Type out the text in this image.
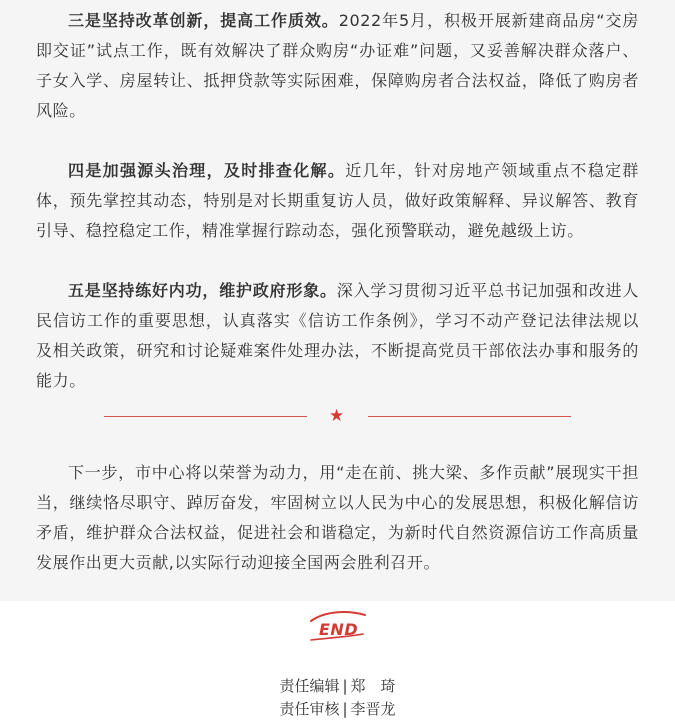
三是坚持改革创新，提高工作质效。2022年5月，积极开展新建商品房“交房即交证”试点工作，既有效解决了群众购房“办证难”问题，又妥善解决群众落户、子女入学、房屋转让、抵押贷款等实际困难，保障购房者合法权益，降低了购房者风险。

四是加强源头治理，及时排查化解。近几年，针对房地产领域重点不稳定群体，预先掌控其动态，特别是对长期重复访人员，做好政策解释、异议解答、教育引导、稳控稳定工作，精准掌握行踪动态，强化预警联动，避免越级上访。

五是坚持练好内功，维护政府形象。深入学习贯彻习近平总书记加强和改进人民信访工作的重要思想，认真落实《信访工作条例》，学习不动产登记法律法规以及相关政策，研究和讨论疑难案件处理办法，不断提高党员干部依法办事和服务的能力。

★

下一步，市中心将以荣誉为动力，用“走在前、挑大梁、多作贡献”展现实干担当，继续恪尽职守、踔厉奋发，牢固树立以人民为中心的发展思想，积极化解信访矛盾，维护群众合法权益，促进社会和谐稳定，为新时代自然资源信访工作高质量发展作出更大贡献,以实际行动迎接全国两会胜利召开。

END
责任编辑 | 郑　琦
责任审核 | 李晋龙
